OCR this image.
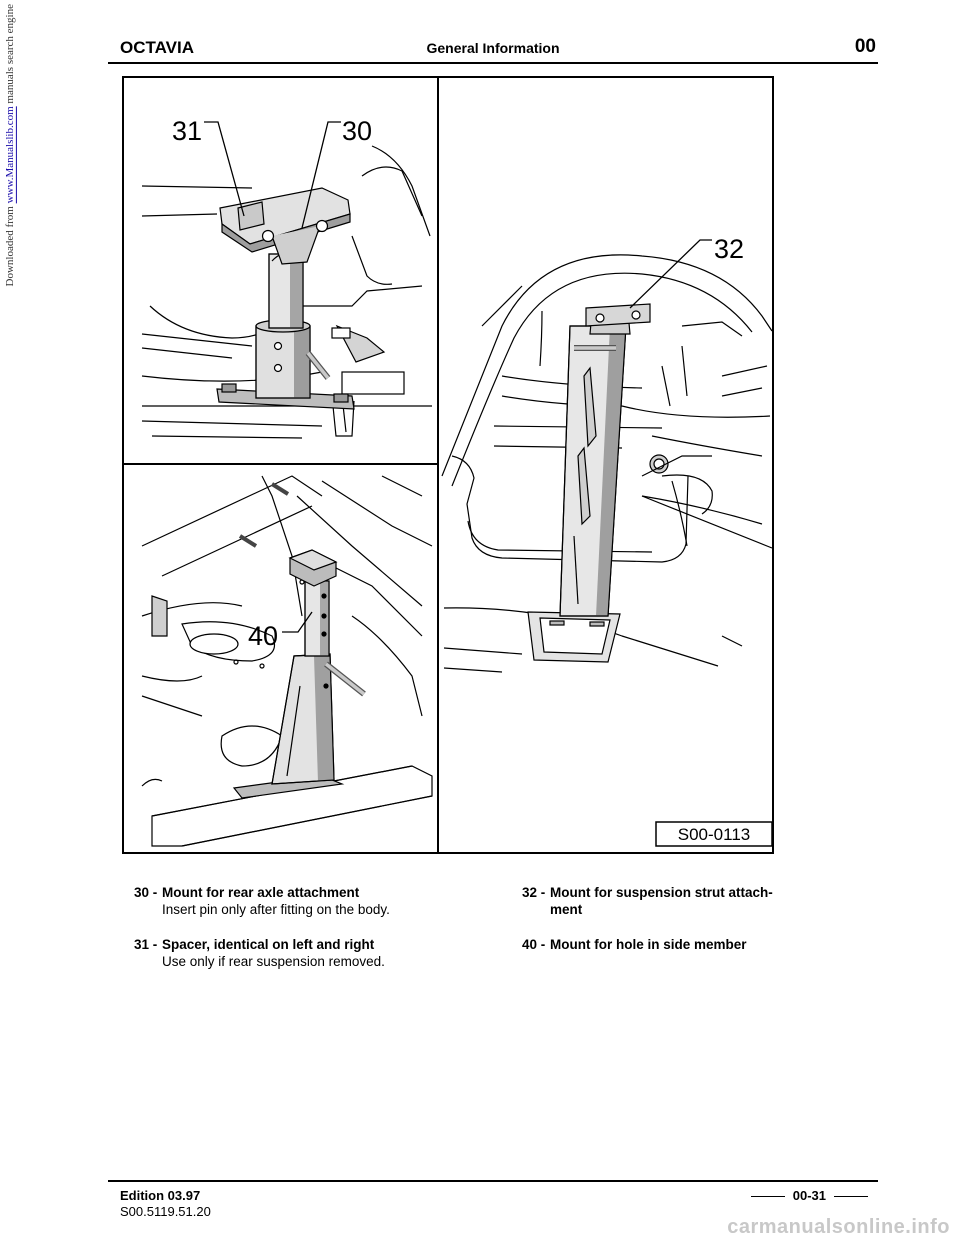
Downloaded from www.Manualslib.com manuals search engine	OCTAVIA	General Information	00
31	30
40
32
S00-0113
30 - Mount for rear axle attachment
Insert pin only after fitting on the body.
31 - Spacer, identical on left and right
Use only if rear suspension removed.
32 - Mount for suspension strut attach-ment
40 - Mount for hole in side member
Edition 03.97
S00.5119.51.20
00-31
carmanualsonline.info
